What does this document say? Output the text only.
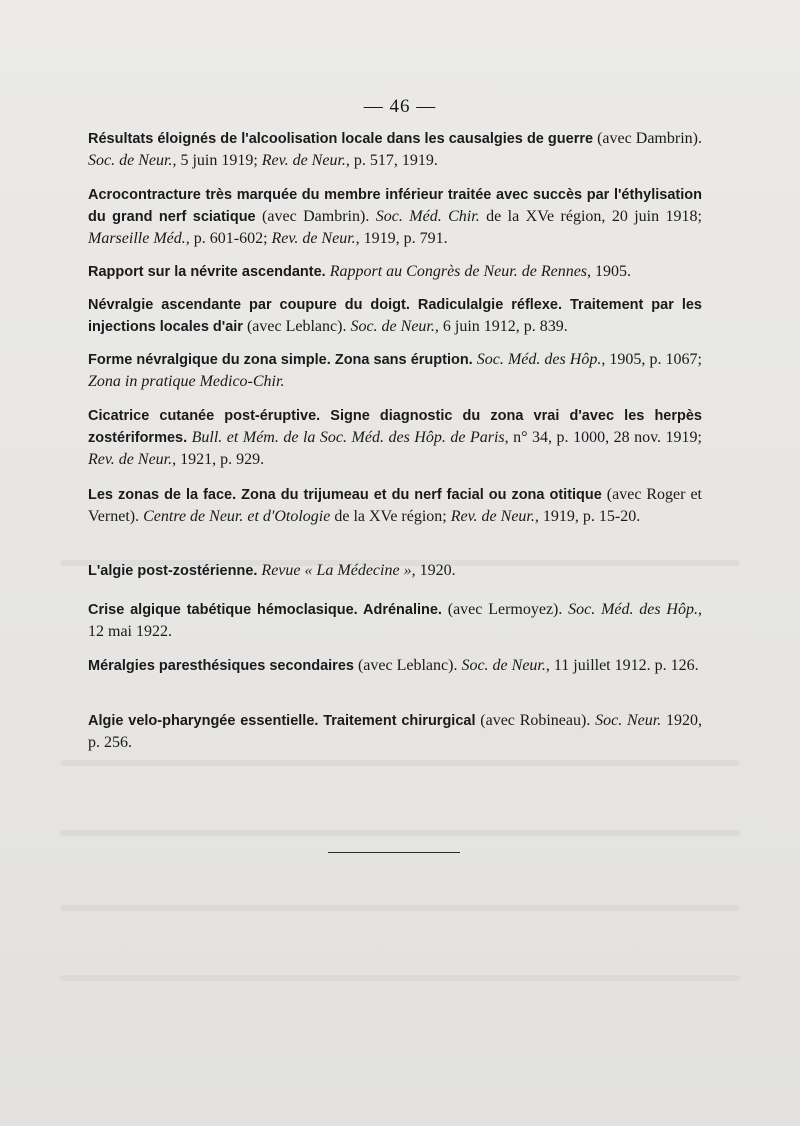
— 46 —

Résultats éloignés de l'alcoolisation locale dans les causalgies de guerre (avec Dambrin). Soc. de Neur., 5 juin 1919; Rev. de Neur., p. 517, 1919.

Acrocontracture très marquée du membre inférieur traitée avec succès par l'éthylisation du grand nerf sciatique (avec Dambrin). Soc. Méd. Chir. de la XVe région, 20 juin 1918; Marseille Méd., p. 601-602; Rev. de Neur., 1919, p. 791.

Rapport sur la névrite ascendante. Rapport au Congrès de Neur. de Rennes, 1905.

Névralgie ascendante par coupure du doigt. Radiculalgie réflexe. Traitement par les injections locales d'air (avec Leblanc). Soc. de Neur., 6 juin 1912, p. 839.

Forme névralgique du zona simple. Zona sans éruption. Soc. Méd. des Hôp., 1905, p. 1067; Zona in pratique Medico-Chir.

Cicatrice cutanée post-éruptive. Signe diagnostic du zona vrai d'avec les herpès zostériformes. Bull. et Mém. de la Soc. Méd. des Hôp. de Paris, n° 34, p. 1000, 28 nov. 1919; Rev. de Neur., 1921, p. 929.

Les zonas de la face. Zona du trijumeau et du nerf facial ou zona otitique (avec Roger et Vernet). Centre de Neur. et d'Otologie de la XVe région; Rev. de Neur., 1919, p. 15-20.

L'algie post-zostérienne. Revue « La Médecine », 1920.

Crise algique tabétique hémoclasique. Adrénaline. (avec Lermoyez). Soc. Méd. des Hôp., 12 mai 1922.

Méralgies paresthésiques secondaires (avec Leblanc). Soc. de Neur., 11 juillet 1912. p. 126.

Algie velo-pharyngée essentielle. Traitement chirurgical (avec Robineau). Soc. Neur. 1920, p. 256.
